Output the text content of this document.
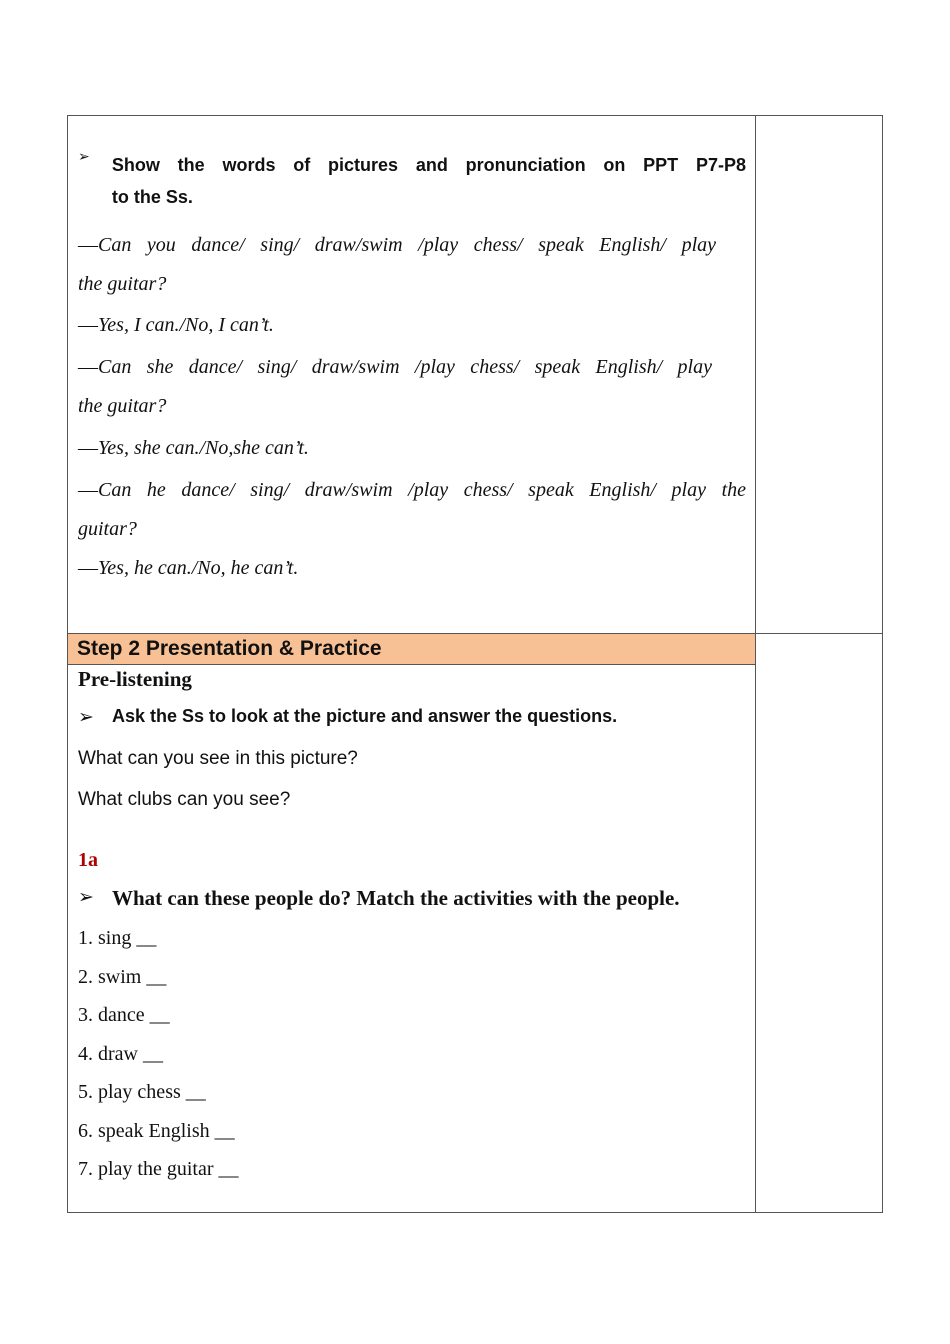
➢	Show the words of pictures and pronunciation on PPT P7-P8
to the Ss.
—Can you dance/ sing/ draw/swim /play chess/ speak English/ play
the guitar?
—Yes, I can./No, I can’t.
—Can she dance/ sing/ draw/swim /play chess/ speak English/ play
the guitar?
—Yes, she can./No,she can’t.
—Can he dance/ sing/ draw/swim /play chess/ speak English/ play the
guitar?
—Yes, he can./No, he can’t.
Step 2 Presentation & Practice
Pre-listening
➢	Ask the Ss to look at the picture and answer the questions.
What can you see in this picture?
What clubs can you see?
1a
➢ What can these people do? Match the activities with the people.
1. sing __
2. swim __
3. dance __
4. draw __
5. play chess __
6. speak English __
7. play the guitar __
